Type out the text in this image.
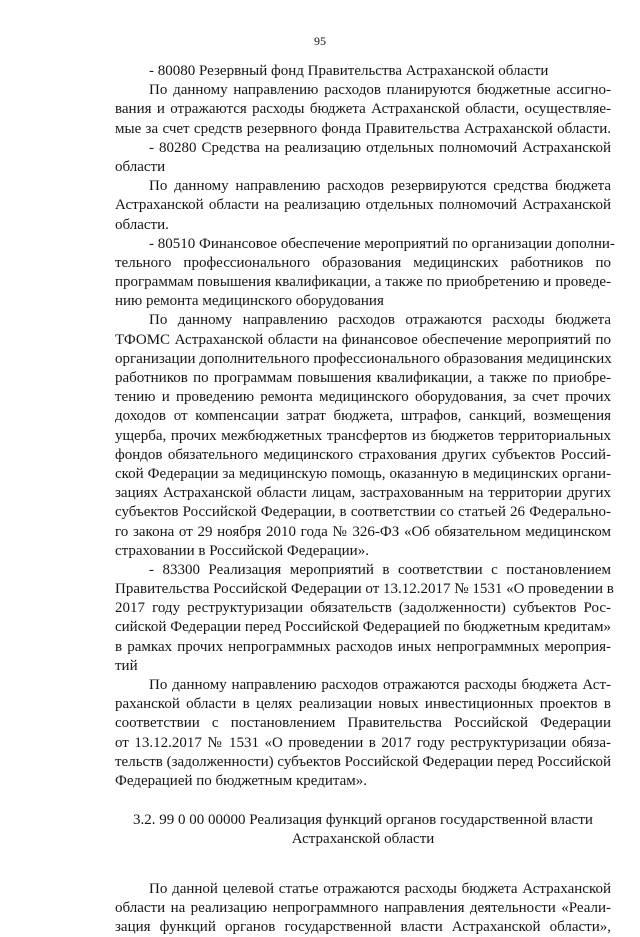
95
- 80080 Резервный фонд Правительства Астраханской области
По данному направлению расходов планируются бюджетные ассигно-
вания и отражаются расходы бюджета Астраханской области, осуществляе-
мые за счет средств резервного фонда Правительства Астраханской области.
- 80280 Средства на реализацию отдельных полномочий Астраханской
области
По данному направлению расходов резервируются средства бюджета
Астраханской области на реализацию отдельных полномочий Астраханской
области.
- 80510 Финансовое обеспечение мероприятий по организации дополни-
тельного профессионального образования медицинских работников по
программам повышения квалификации, а также по приобретению и проведе-
нию ремонта медицинского оборудования
По данному направлению расходов отражаются расходы бюджета
ТФОМС Астраханской области на финансовое обеспечение мероприятий по
организации дополнительного профессионального образования медицинских
работников по программам повышения квалификации, а также по приобре-
тению и проведению ремонта медицинского оборудования, за счет прочих
доходов от компенсации затрат бюджета, штрафов, санкций, возмещения
ущерба, прочих межбюджетных трансфертов из бюджетов территориальных
фондов обязательного медицинского страхования других субъектов Россий-
ской Федерации за медицинскую помощь, оказанную в медицинских органи-
зациях Астраханской области лицам, застрахованным на территории других
субъектов Российской Федерации, в соответствии со статьей 26 Федерально-
го закона от 29 ноября 2010 года № 326-ФЗ «Об обязательном медицинском
страховании в Российской Федерации».
- 83300 Реализация мероприятий в соответствии с постановлением
Правительства Российской Федерации от 13.12.2017 № 1531 «О проведении в
2017 году реструктуризации обязательств (задолженности) субъектов Рос-
сийской Федерации перед Российской Федерацией по бюджетным кредитам»
в рамках прочих непрограммных расходов иных непрограммных мероприя-
тий
По данному направлению расходов отражаются расходы бюджета Аст-
раханской области в целях реализации новых инвестиционных проектов в
соответствии с постановлением Правительства Российской Федерации
от 13.12.2017 № 1531 «О проведении в 2017 году реструктуризации обяза-
тельств (задолженности) субъектов Российской Федерации перед Российской
Федерацией по бюджетным кредитам».
3.2. 99 0 00 00000 Реализация функций органов государственной власти
Астраханской области
По данной целевой статье отражаются расходы бюджета Астраханской
области на реализацию непрограммного направления деятельности «Реали-
зация функций органов государственной власти Астраханской области»,
